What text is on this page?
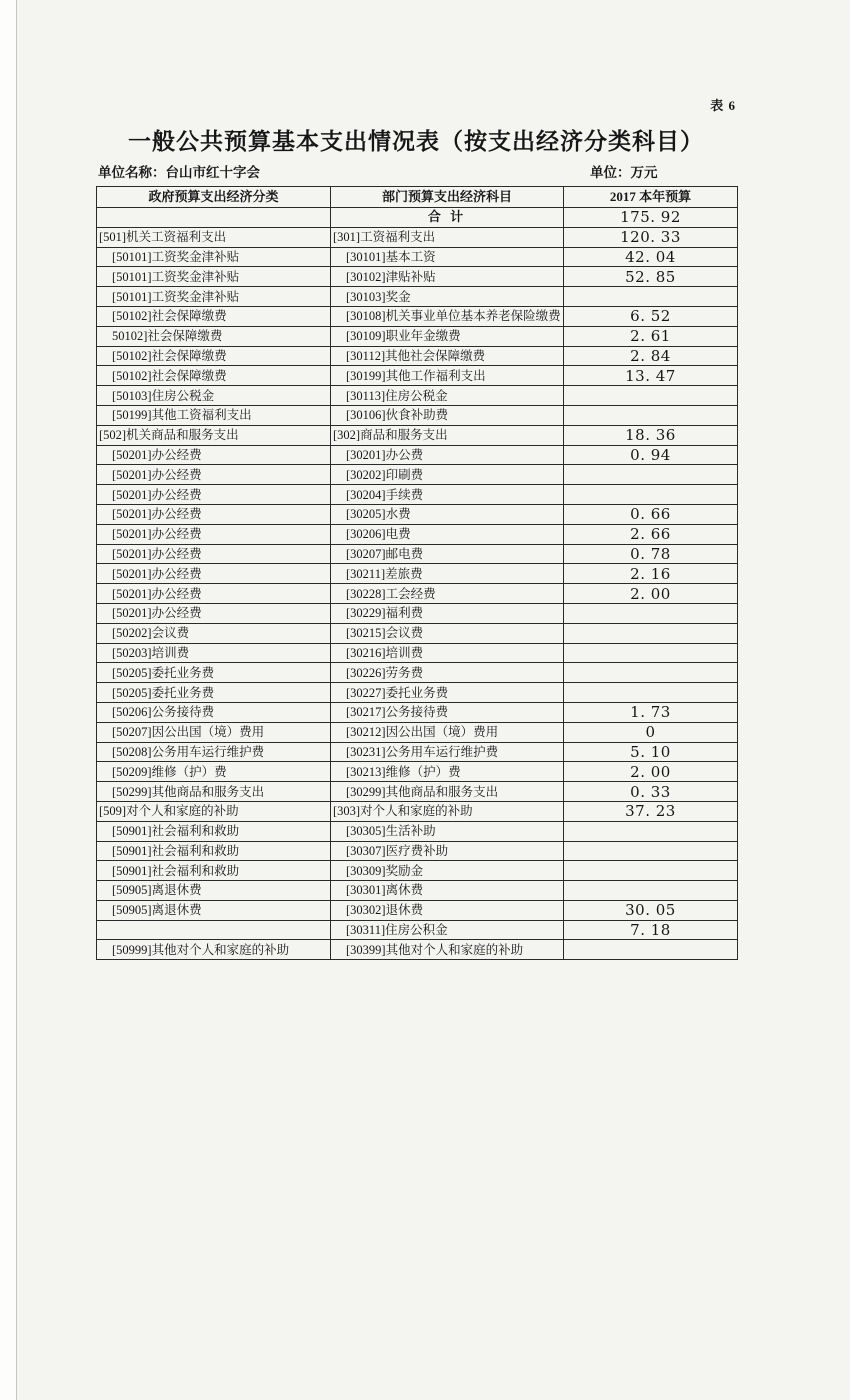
表 6
一般公共预算基本支出情况表（按支出经济分类科目）
单位名称：台山市红十字会	单位：万元
政府预算支出经济分类	部门预算支出经济科目	2017 本年预算
	合 计	175. 92
[501]机关工资福利支出	[301]工资福利支出	120. 33
[50101]工资奖金津补贴	[30101]基本工资	42. 04
[50101]工资奖金津补贴	[30102]津贴补贴	52. 85
[50101]工资奖金津补贴	[30103]奖金	
[50102]社会保障缴费	[30108]机关事业单位基本养老保险缴费	6. 52
50102]社会保障缴费	[30109]职业年金缴费	2. 61
[50102]社会保障缴费	[30112]其他社会保障缴费	2. 84
[50102]社会保障缴费	[30199]其他工作福利支出	13. 47
[50103]住房公税金	[30113]住房公税金	
[50199]其他工资福利支出	[30106]伙食补助费	
[502]机关商品和服务支出	[302]商品和服务支出	18. 36
[50201]办公经费	[30201]办公费	0. 94
[50201]办公经费	[30202]印刷费	
[50201]办公经费	[30204]手续费	
[50201]办公经费	[30205]水费	0. 66
[50201]办公经费	[30206]电费	2. 66
[50201]办公经费	[30207]邮电费	0. 78
[50201]办公经费	[30211]差旅费	2. 16
[50201]办公经费	[30228]工会经费	2. 00
[50201]办公经费	[30229]福利费	
[50202]会议费	[30215]会议费	
[50203]培训费	[30216]培训费	
[50205]委托业务费	[30226]劳务费	
[50205]委托业务费	[30227]委托业务费	
[50206]公务接待费	[30217]公务接待费	1. 73
[50207]因公出国（境）费用	[30212]因公出国（境）费用	0
[50208]公务用车运行维护费	[30231]公务用车运行维护费	5. 10
[50209]维修（护）费	[30213]维修（护）费	2. 00
[50299]其他商品和服务支出	[30299]其他商品和服务支出	0. 33
[509]对个人和家庭的补助	[303]对个人和家庭的补助	37. 23
[50901]社会福利和救助	[30305]生活补助	
[50901]社会福利和救助	[30307]医疗费补助	
[50901]社会福利和救助	[30309]奖励金	
[50905]离退休费	[30301]离休费	
[50905]离退休费	[30302]退休费	30. 05
	[30311]住房公积金	7. 18
[50999]其他对个人和家庭的补助	[30399]其他对个人和家庭的补助	
